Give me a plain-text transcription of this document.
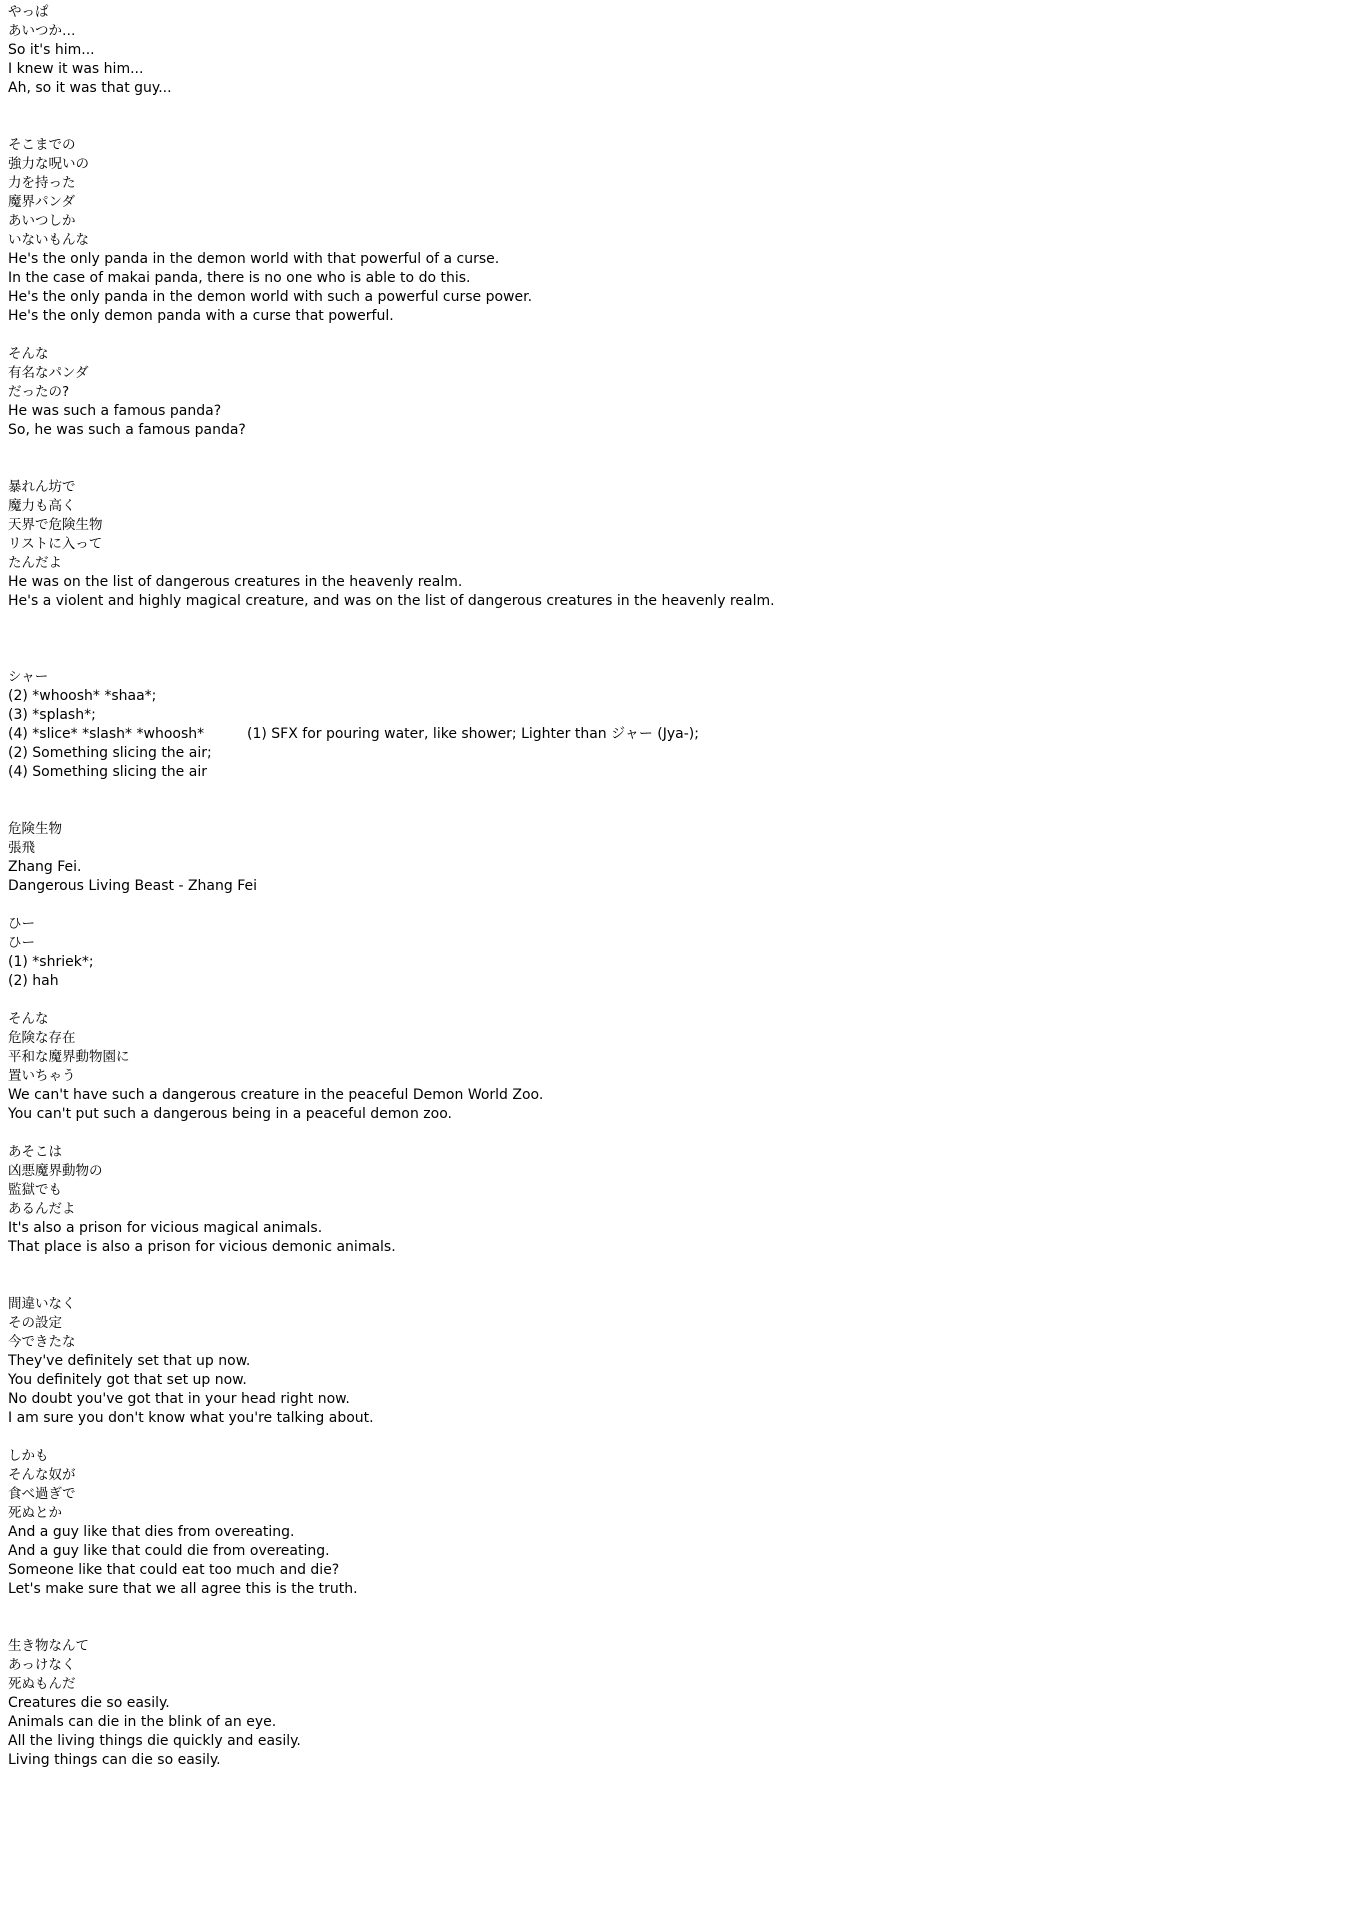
やっぱ
あいつか…
So it's him...
I knew it was him...
Ah, so it was that guy...
そこまでの
強力な呪いの
力を持った
魔界パンダ
あいつしか
いないもんな
He's the only panda in the demon world with that powerful of a curse.
In the case of makai panda, there is no one who is able to do this.
He's the only panda in the demon world with such a powerful curse power.
He's the only demon panda with a curse that powerful.
そんな
有名なパンダ
だったの?
He was such a famous panda?
So, he was such a famous panda?
暴れん坊で
魔力も高く
天界で危険生物
リストに入って
たんだよ
He was on the list of dangerous creatures in the heavenly realm.
He's a violent and highly magical creature, and was on the list of dangerous creatures in the heavenly realm.
シャー
(2) *whoosh* *shaa*;
(3) *splash*;
(4) *slice* *slash* *whoosh*	(1) SFX for pouring water, like shower; Lighter than ジャー (Jya-);
(2) Something slicing the air;
(4) Something slicing the air
危険生物
張飛
Zhang Fei.
Dangerous Living Beast - Zhang Fei
ひー
ひー
(1) *shriek*;
(2) hah
そんな
危険な存在
平和な魔界動物園に
置いちゃう
We can't have such a dangerous creature in the peaceful Demon World Zoo.
You can't put such a dangerous being in a peaceful demon zoo.
あそこは
凶悪魔界動物の
監獄でも
あるんだよ
It's also a prison for vicious magical animals.
That place is also a prison for vicious demonic animals.
間違いなく
その設定
今できたな
They've definitely set that up now.
You definitely got that set up now.
No doubt you've got that in your head right now.
I am sure you don't know what you're talking about.
しかも
そんな奴が
食べ過ぎで
死ぬとか
And a guy like that dies from overeating.
And a guy like that could die from overeating.
Someone like that could eat too much and die?
Let's make sure that we all agree this is the truth.
生き物なんて
あっけなく
死ぬもんだ
Creatures die so easily.
Animals can die in the blink of an eye.
All the living things die quickly and easily.
Living things can die so easily.
